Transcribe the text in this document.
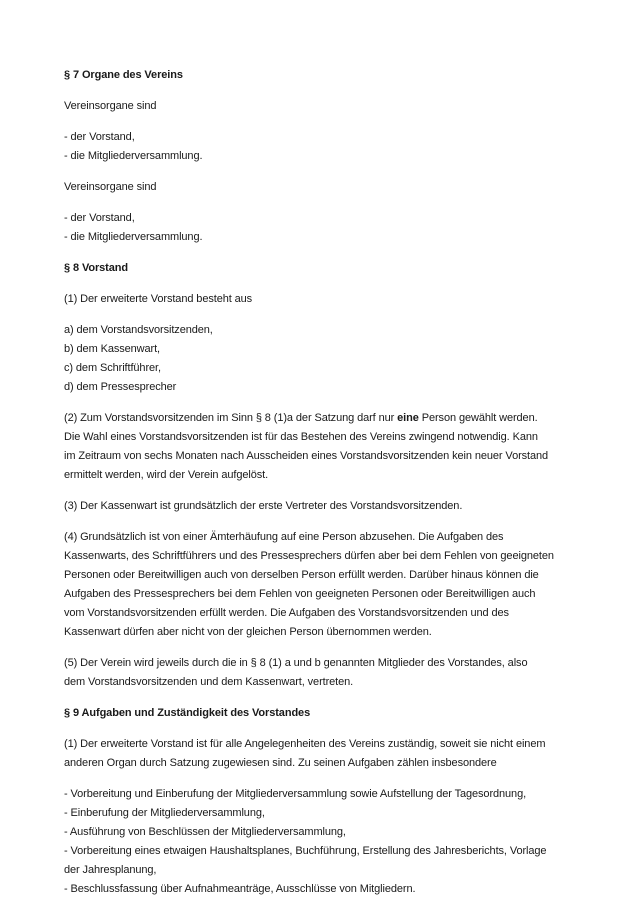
§ 7 Organe des Vereins
Vereinsorgane sind
- der Vorstand,
- die Mitgliederversammlung.
Vereinsorgane sind
- der Vorstand,
- die Mitgliederversammlung.
§ 8 Vorstand
(1) Der erweiterte Vorstand besteht aus
a) dem Vorstandsvorsitzenden,
b) dem Kassenwart,
c) dem Schriftführer,
d) dem Pressesprecher
(2) Zum Vorstandsvorsitzenden im Sinn § 8 (1)a der Satzung darf nur eine Person gewählt werden.
Die Wahl eines Vorstandsvorsitzenden ist für das Bestehen des Vereins zwingend notwendig. Kann
im Zeitraum von sechs Monaten nach Ausscheiden eines Vorstandsvorsitzenden kein neuer Vorstand
ermittelt werden, wird der Verein aufgelöst.
(3) Der Kassenwart ist grundsätzlich der erste Vertreter des Vorstandsvorsitzenden.
(4) Grundsätzlich ist von einer Ämterhäufung auf eine Person abzusehen. Die Aufgaben des
Kassenwarts, des Schriftführers und des Pressesprechers dürfen aber bei dem Fehlen von geeigneten
Personen oder Bereitwilligen auch von derselben Person erfüllt werden. Darüber hinaus können die
Aufgaben des Pressesprechers bei dem Fehlen von geeigneten Personen oder Bereitwilligen auch
vom Vorstandsvorsitzenden erfüllt werden. Die Aufgaben des Vorstandsvorsitzenden und des
Kassenwart dürfen aber nicht von der gleichen Person übernommen werden.
(5) Der Verein wird jeweils durch die in § 8 (1) a und b genannten Mitglieder des Vorstandes, also
dem Vorstandsvorsitzenden und dem Kassenwart, vertreten.
§ 9 Aufgaben und Zuständigkeit des Vorstandes
(1) Der erweiterte Vorstand ist für alle Angelegenheiten des Vereins zuständig, soweit sie nicht einem
anderen Organ durch Satzung zugewiesen sind. Zu seinen Aufgaben zählen insbesondere
- Vorbereitung und Einberufung der Mitgliederversammlung sowie Aufstellung der Tagesordnung,
- Einberufung der Mitgliederversammlung,
- Ausführung von Beschlüssen der Mitgliederversammlung,
- Vorbereitung eines etwaigen Haushaltsplanes, Buchführung, Erstellung des Jahresberichts, Vorlage
der Jahresplanung,
- Beschlussfassung über Aufnahmeanträge, Ausschlüsse von Mitgliedern.
